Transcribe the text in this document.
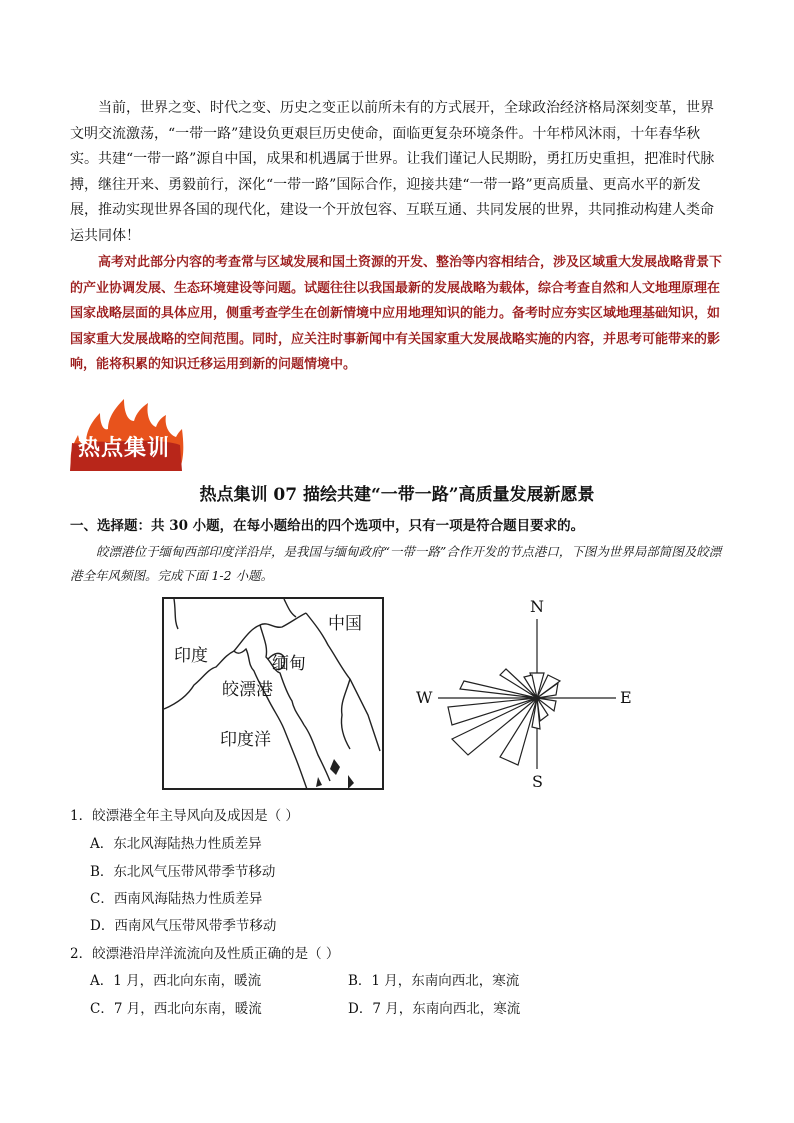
当前，世界之变、时代之变、历史之变正以前所未有的方式展开，全球政治经济格局深刻变革，世界文明交流激荡，“一带一路”建设负更艰巨历史使命，面临更复杂环境条件。十年栉风沐雨，十年春华秋实。共建“一带一路”源自中国，成果和机遇属于世界。让我们谨记人民期盼，勇扛历史重担，把准时代脉搏，继往开来、勇毅前行，深化“一带一路”国际合作，迎接共建“一带一路”更高质量、更高水平的新发展，推动实现世界各国的现代化，建设一个开放包容、互联互通、共同发展的世界，共同推动构建人类命运共同体！

高考对此部分内容的考查常与区域发展和国土资源的开发、整治等内容相结合，涉及区域重大发展战略背景下的产业协调发展、生态环境建设等问题。试题往往以我国最新的发展战略为载体，综合考查自然和人文地理原理在国家战略层面的具体应用，侧重考查学生在创新情境中应用地理知识的能力。备考时应夯实区域地理基础知识，如国家重大发展战略的空间范围。同时，应关注时事新闻中有关国家重大发展战略实施的内容，并思考可能带来的影响，能将积累的知识迁移运用到新的问题情境中。

热点集训
热点集训 07 描绘共建“一带一路”高质量发展新愿景

一、选择题：共 30 小题，在每小题给出的四个选项中，只有一项是符合题目要求的。

皎漂港位于缅甸西部印度洋沿岸，是我国与缅甸政府“一带一路”合作开发的节点港口，下图为世界局部简图及皎漂港全年风频图。完成下面 1-2 小题。

中国
印度	缅甸
皎漂港
印度洋
N
S
W	E

1．皎漂港全年主导风向及成因是（ ）

A．东北风海陆热力性质差异

B．东北风气压带风带季节移动

C．西南风海陆热力性质差异

D．西南风气压带风带季节移动

2．皎漂港沿岸洋流流向及性质正确的是（ ）

A．1 月，西北向东南，暖流	B．1 月，东南向西北，寒流

C．7 月，西北向东南，暖流	D．7 月，东南向西北，寒流
